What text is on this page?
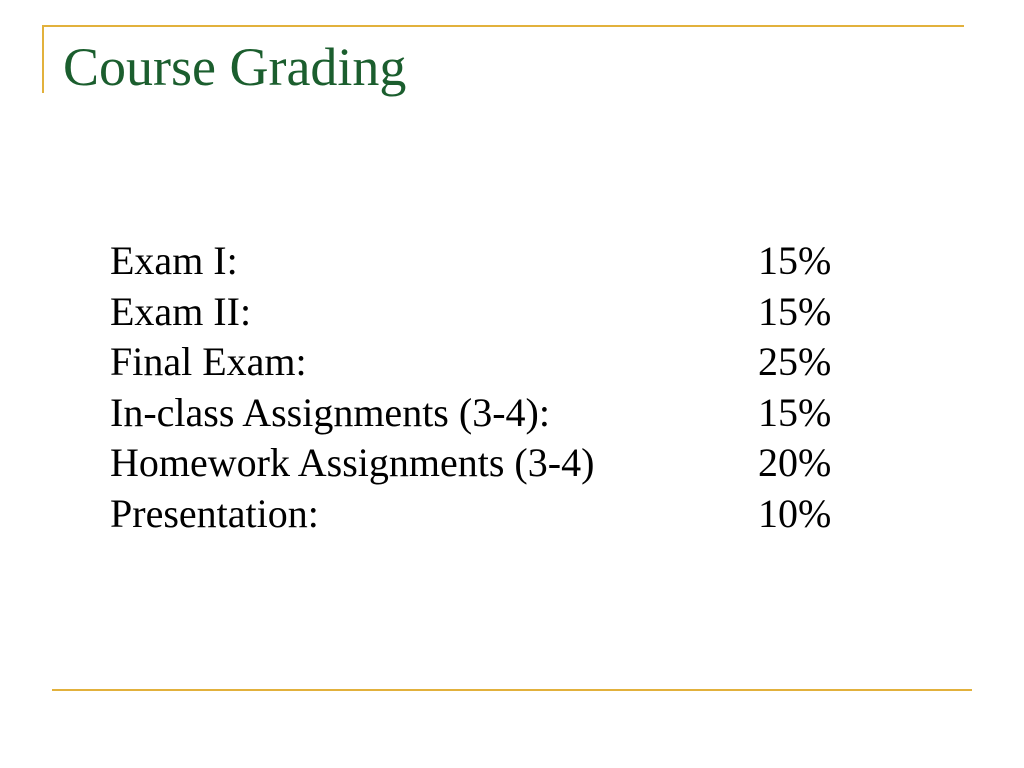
Course Grading
Exam I:	15%
Exam II:	15%
Final Exam:	25%
In-class Assignments (3-4):	15%
Homework Assignments (3-4)	20%
Presentation:	10%
